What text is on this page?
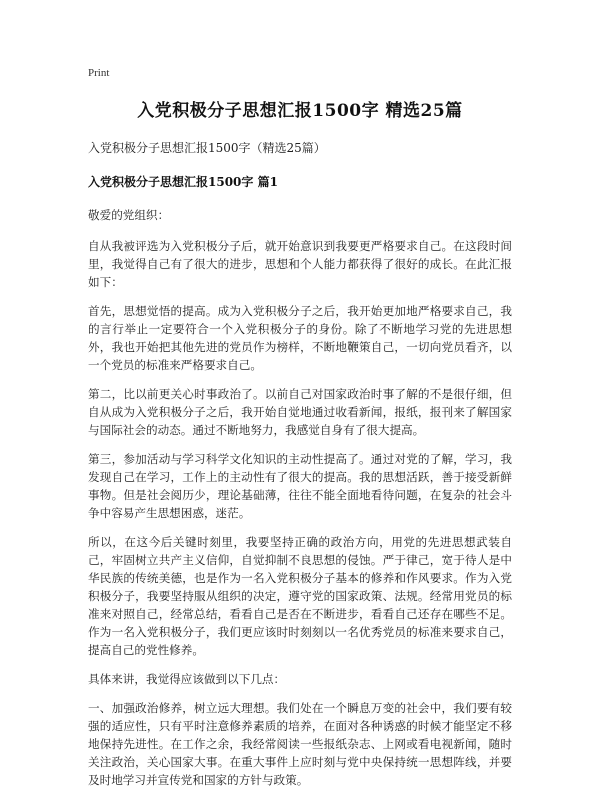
Print
入党积极分子思想汇报1500字 精选25篇
入党积极分子思想汇报1500字（精选25篇）
入党积极分子思想汇报1500字 篇1

敬爱的党组织：

自从我被评选为入党积极分子后，就开始意识到我要更严格要求自己。在这段时间里，我觉得自己有了很大的进步，思想和个人能力都获得了很好的成长。在此汇报如下：

首先，思想觉悟的提高。成为入党积极分子之后，我开始更加地严格要求自己，我的言行举止一定要符合一个入党积极分子的身份。除了不断地学习党的先进思想外，我也开始把其他先进的党员作为榜样，不断地鞭策自己，一切向党员看齐，以一个党员的标准来严格要求自己。

第二，比以前更关心时事政治了。以前自己对国家政治时事了解的不是很仔细，但自从成为入党积极分子之后，我开始自觉地通过收看新闻，报纸，报刊来了解国家与国际社会的动态。通过不断地努力，我感觉自身有了很大提高。

第三，参加活动与学习科学文化知识的主动性提高了。通过对党的了解，学习，我发现自己在学习，工作上的主动性有了很大的提高。我的思想活跃，善于接受新鲜事物。但是社会阅历少，理论基础薄，往往不能全面地看待问题，在复杂的社会斗争中容易产生思想困惑，迷茫。

所以，在这今后关键时刻里，我要坚持正确的政治方向，用党的先进思想武装自己，牢固树立共产主义信仰，自觉抑制不良思想的侵蚀。严于律己，宽于待人是中华民族的传统美德，也是作为一名入党积极分子基本的修养和作风要求。作为入党积极分子，我要坚持服从组织的决定，遵守党的国家政策、法规。经常用党员的标准来对照自己，经常总结，看看自己是否在不断进步，看看自己还存在哪些不足。作为一名入党积极分子，我们更应该时时刻刻以一名优秀党员的标准来要求自己，提高自己的党性修养。

具体来讲，我觉得应该做到以下几点：

一、加强政治修养，树立远大理想。我们处在一个瞬息万变的社会中，我们要有较强的适应性，只有平时注意修养素质的培养，在面对各种诱惑的时候才能坚定不移地保持先进性。在工作之余，我经常阅读一些报纸杂志、上网或看电视新闻，随时关注政治，关心国家大事。在重大事件上应时刻与党中央保持统一思想阵线，并要及时地学习并宣传党和国家的方针与政策。
